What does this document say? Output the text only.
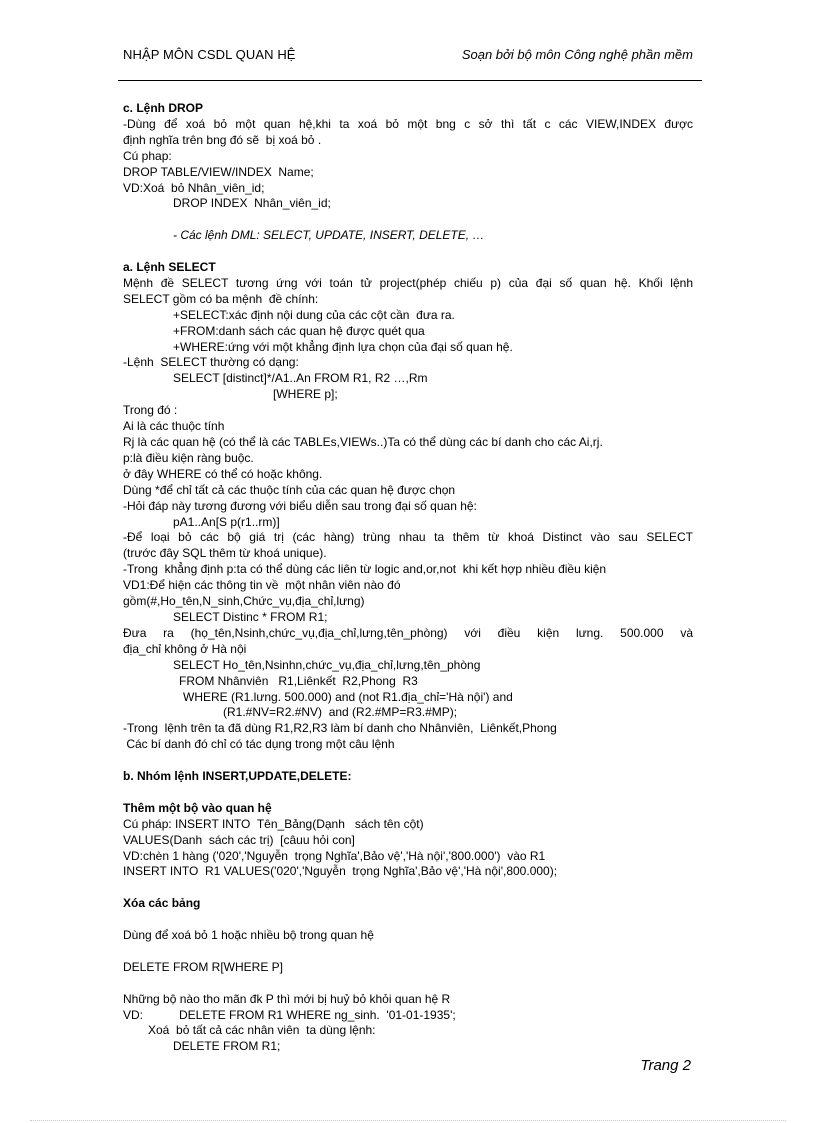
NHẬP MÔN CSDL QUAN HỆ	Soạn bởi bộ môn Công nghệ phần mềm
c. Lệnh DROP
-Dùng để xoá bỏ một quan hệ,khi ta xoá bỏ một bng c sở thì tất c các VIEW,INDEX được
định nghĩa trên bng đó sẽ  bị xoá bỏ .
Cú phap:
DROP TABLE/VIEW/INDEX  Name;
VD:Xoá  bỏ Nhân_viên_id;
DROP INDEX  Nhân_viên_id;
- Các lệnh DML: SELECT, UPDATE, INSERT, DELETE, …
a. Lệnh SELECT
Mệnh đề SELECT tương ứng với toán tử project(phép chiếu p) của đại số quan hệ. Khối lệnh
SELECT gồm có ba mệnh  đề chính:
+SELECT:xác định nội dung của các cột cần  đưa ra.
+FROM:danh sách các quan hệ được quét qua
+WHERE:ứng với một khẳng định lựa chọn của đại số quan hệ.
-Lệnh  SELECT thường có dạng:
SELECT [distinct]*/A1..An FROM R1, R2 …,Rm
[WHERE p];
Trong đó :
Ai là các thuộc tính
Rj là các quan hệ (có thể là các TABLEs,VIEWs..)Ta có thể dùng các bí danh cho các Ai,rj.
p:là điều kiện ràng buộc.
ở đây WHERE có thể có hoặc không.
Dùng *để chỉ tất cả các thuộc tính của các quan hệ được chọn
-Hỏi đáp này tương đương với biểu diễn sau trong đại số quan hệ:
pA1..An[S p(r1..rm)]
-Để loại bỏ các bộ giá trị (các hàng) trùng nhau ta thêm từ khoá Distinct vào sau SELECT
(trước đây SQL thêm từ khoá unique).
-Trong  khẳng định p:ta có thể dùng các liên từ logic and,or,not  khi kết hợp nhiều điều kiện
VD1:Để hiện các thông tin về  một nhân viên nào đó
gồm(#,Ho_tên,N_sinh,Chức_vụ,địa_chỉ,lưng)
SELECT Distinc * FROM R1;
Đưa ra (họ_tên,Nsinh,chức_vụ,địa_chỉ,lưng,tên_phòng) với điều kiện lưng. 500.000 và
địa_chỉ không ở Hà nội
SELECT Ho_tên,Nsinhn,chức_vụ,địa_chỉ,lưng,tên_phòng
FROM Nhânviên   R1,Liênkết  R2,Phong  R3
WHERE (R1.lưng. 500.000) and (not R1.địa_chỉ='Hà nội') and
(R1.#NV=R2.#NV)  and (R2.#MP=R3.#MP);
-Trong  lệnh trên ta đã dùng R1,R2,R3 làm bí danh cho Nhânviên,  Liênkết,Phong
Các bí danh đó chỉ có tác dụng trong một câu lệnh
b. Nhóm lệnh INSERT,UPDATE,DELETE:
Thêm một bộ vào quan hệ
Cú pháp: INSERT INTO  Tên_Bảng(Dạnh   sách tên cột)
VALUES(Danh  sách các trị)  [câuu hỏi con]
VD:chèn 1 hàng ('020','Nguyễn  trọng Nghĩa',Bảo vệ','Hà nội','800.000')  vào R1
INSERT INTO  R1 VALUES('020','Nguyễn  trọng Nghĩa',Bảo vệ','Hà nội',800.000);
Xóa các bảng
Dùng để xoá bỏ 1 hoặc nhiều bộ trong quan hệ
DELETE FROM R[WHERE P]
Những bộ nào tho mãn đk P thì mới bị huỷ bỏ khỏi quan hệ R
VD:	DELETE FROM R1 WHERE ng_sinh.  '01-01-1935';
Xoá  bỏ tất cả các nhân viên  ta dùng lệnh:
DELETE FROM R1;
Trang 2
